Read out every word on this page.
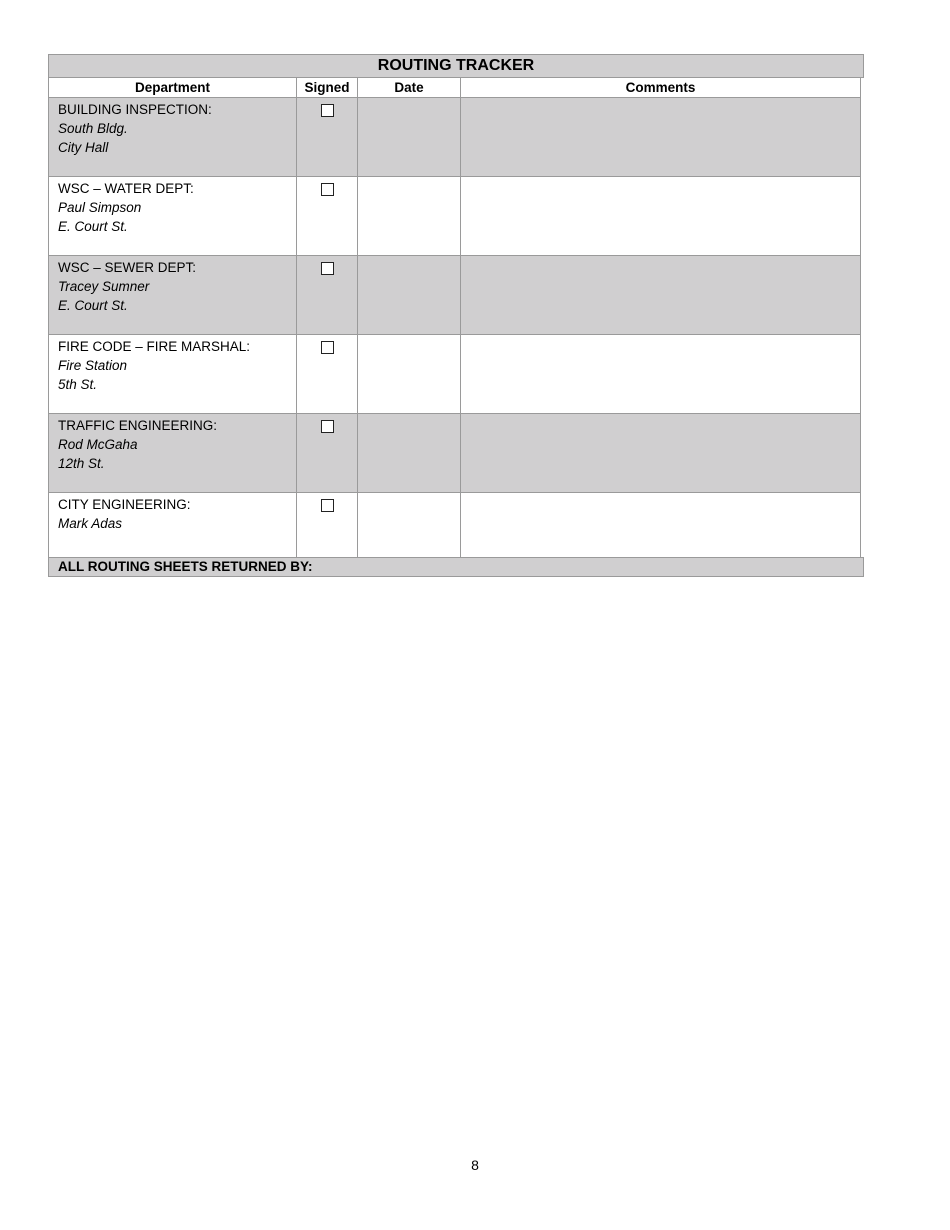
ROUTING TRACKER
Department	Signed	Date	Comments

BUILDING INSPECTION:
South Bldg.
City Hall			

WSC – WATER DEPT:
Paul Simpson
E. Court St.			

WSC – SEWER DEPT:
Tracey Sumner
E. Court St.			

FIRE CODE – FIRE MARSHAL:
Fire Station
5th St.			

TRAFFIC ENGINEERING:
Rod McGaha
12th St.			

CITY ENGINEERING:
Mark Adas			

ALL ROUTING SHEETS RETURNED BY:
8
